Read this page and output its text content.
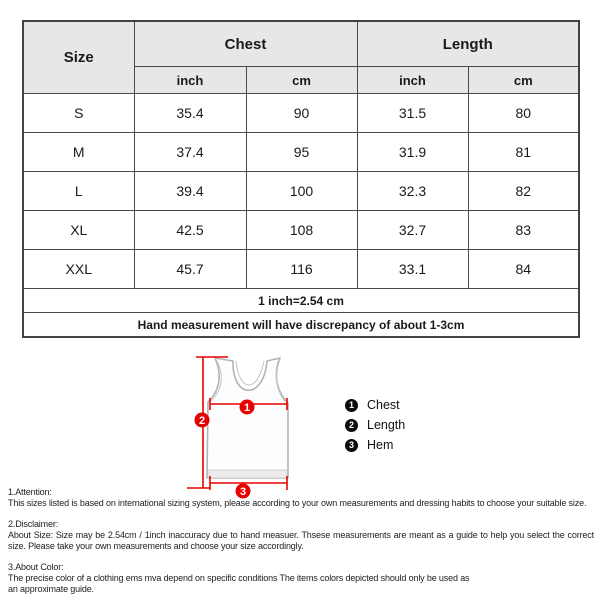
Size	Chest		Length	
	inch	cm	inch	cm
S	35.4	90	31.5	80
M	37.4	95	31.9	81
L	39.4	100	32.3	82
XL	42.5	108	32.7	83
XXL	45.7	116	33.1	84
1 inch=2.54 cm				
Hand measurement will have discrepancy of about 1-3cm				
1
2
3
1	Chest
2	Length
3	Hem
1.Attention:
This sizes listed is based on international sizing system, please according to your own measurements and dressing habits to choose your suitable size.
2.Disclaimer:
About Size: Size may be 2.54cm / 1inch inaccuracy due to hand measuer. Thsese measurements are meant as a guide to help you select the correct size. Please take your own measurements and choose your size accordingly.
3.About Color:
The precise color of a clothing ems mva depend on specific conditions The items colors depicted should only be used as
an approximate guide.
